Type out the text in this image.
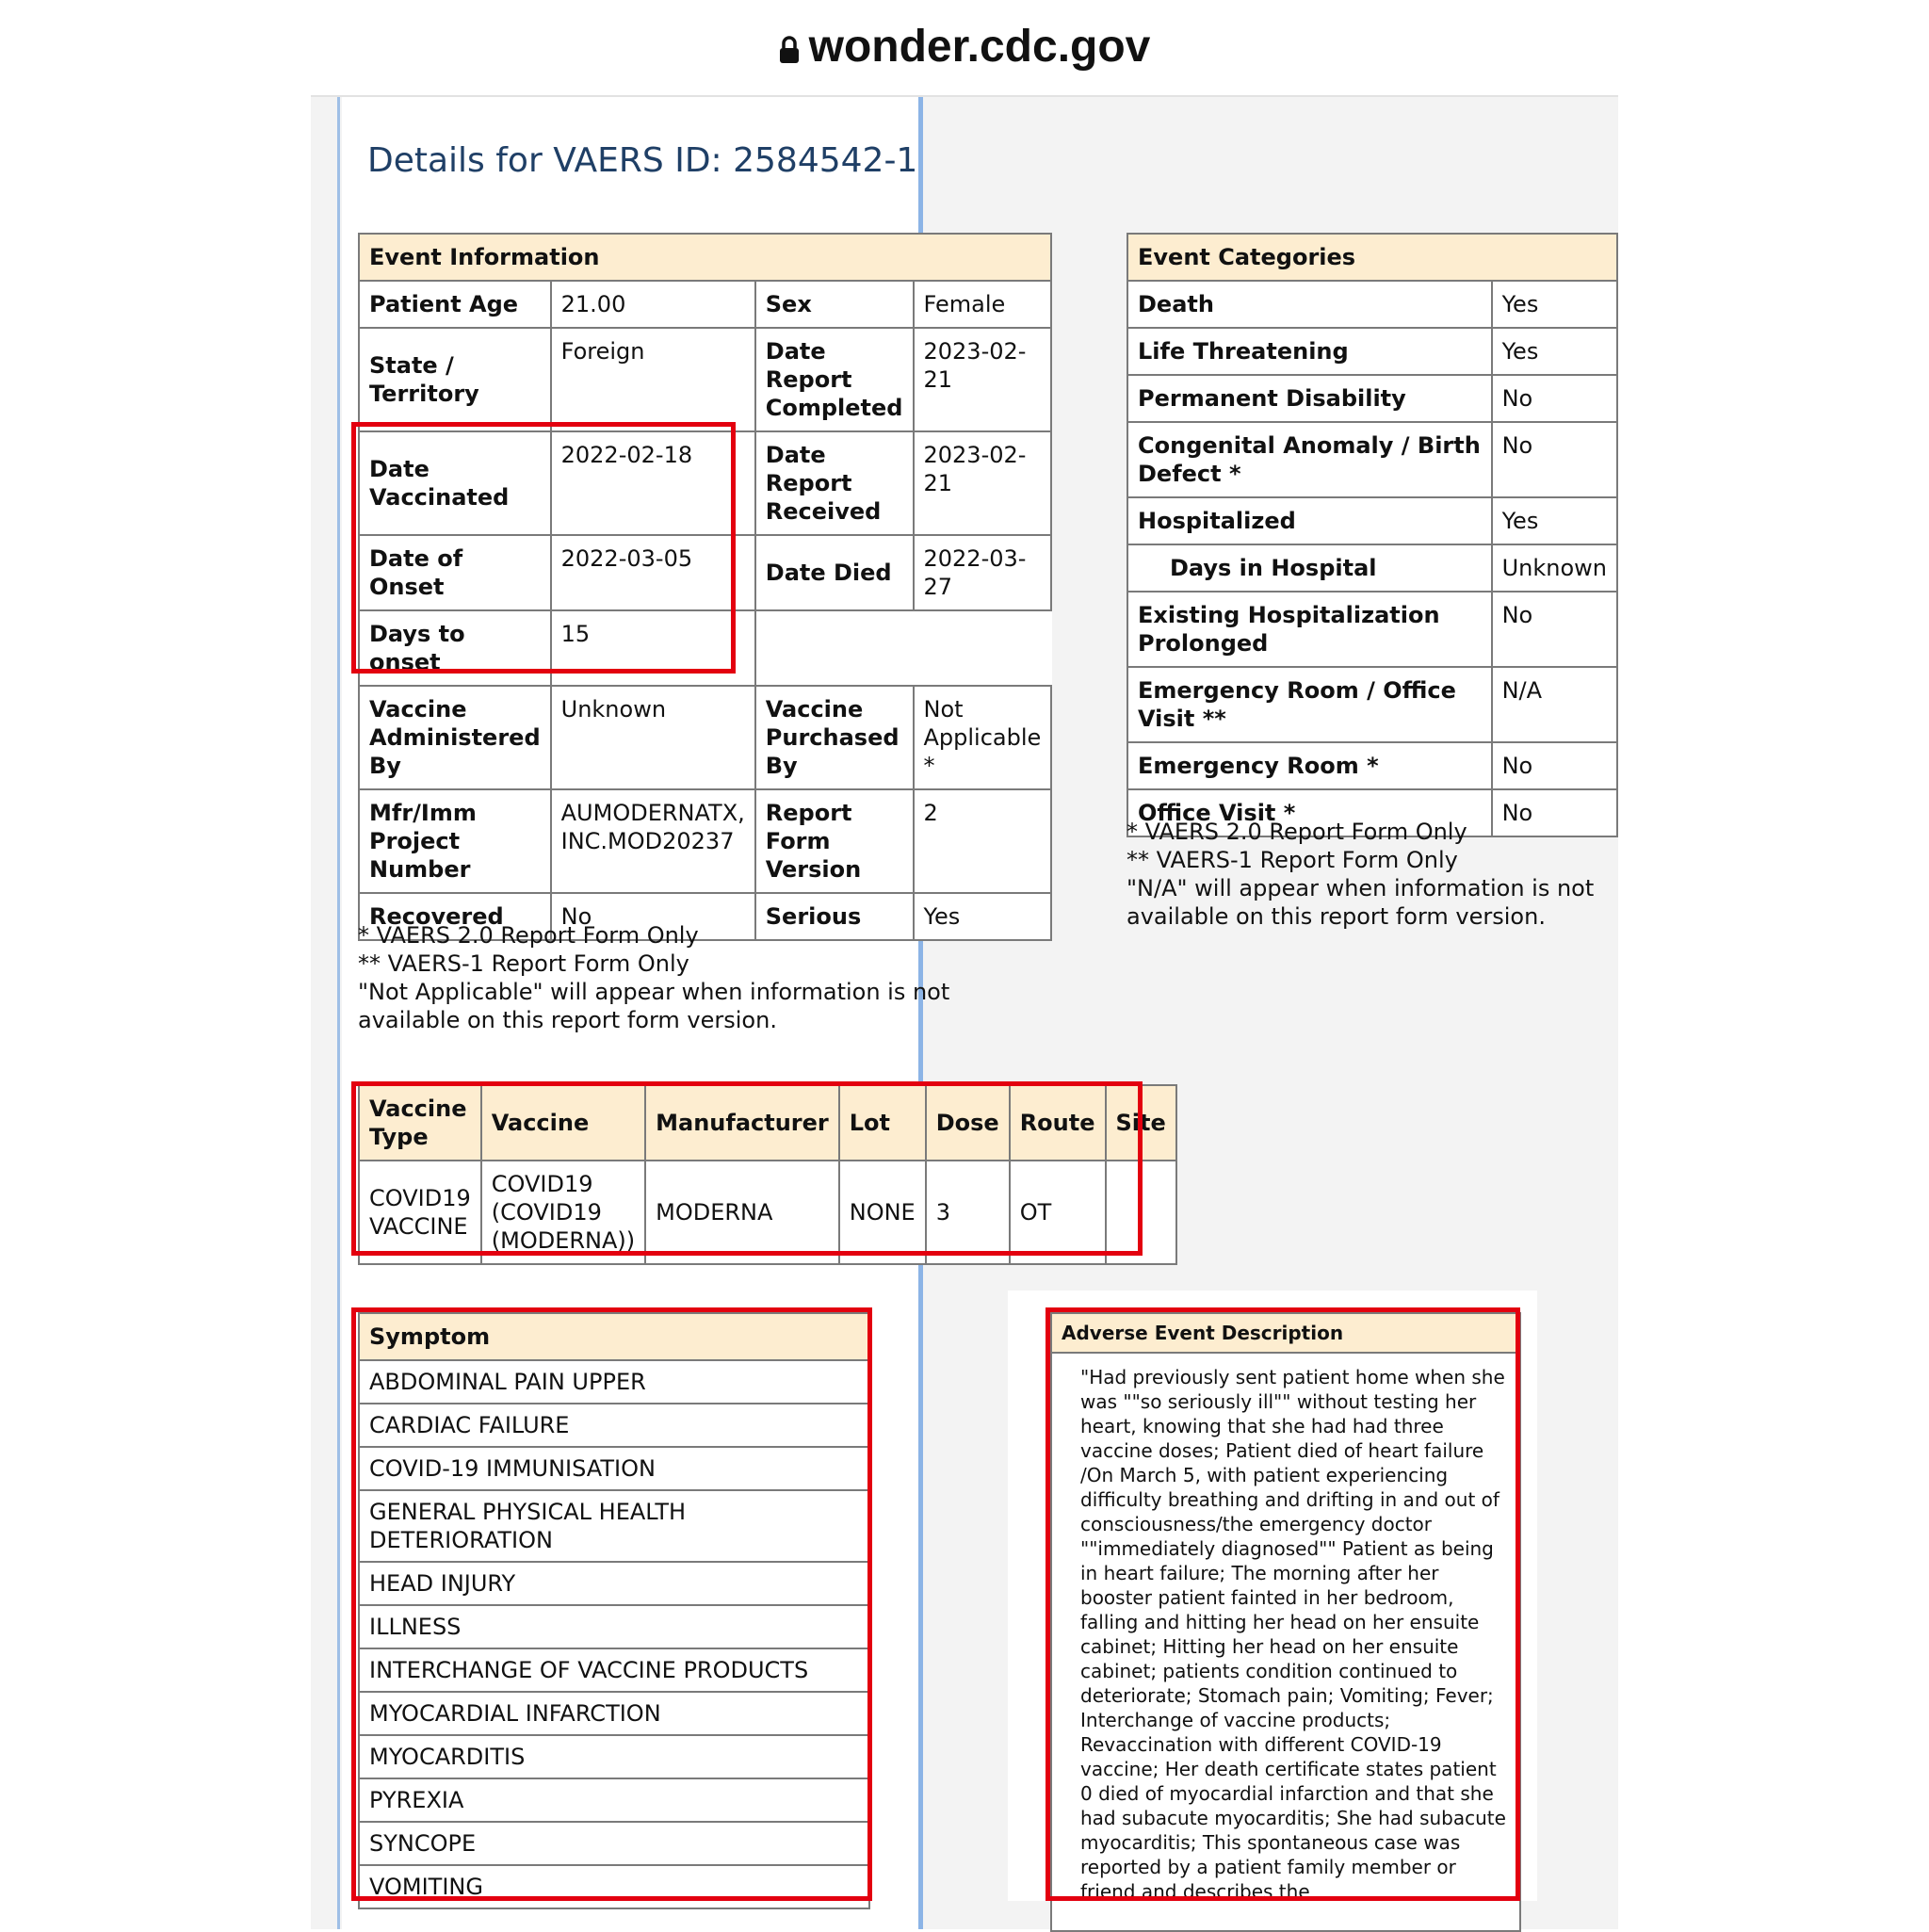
wonder.cdc.gov
Details for VAERS ID: 2584542-1
Event Information			
Patient Age	21.00	Sex	Female
State / Territory	Foreign	Date Report Completed	2023-02-21
Date Vaccinated	2022-02-18	Date Report Received	2023-02-21
Date of Onset	2022-03-05	Date Died	2022-03-27
Days to onset	15		
Vaccine Administered By	Unknown	Vaccine Purchased By	Not Applicable *
Mfr/Imm Project Number	AUMODERNATX, INC.MOD20237	Report Form Version	2
Recovered	No	Serious	Yes
* VAERS 2.0 Report Form Only
** VAERS-1 Report Form Only
"Not Applicable" will appear when information is not available on this report form version.
Event Categories	
Death	Yes
Life Threatening	Yes
Permanent Disability	No
Congenital Anomaly / Birth Defect *	No
Hospitalized	Yes
Days in Hospital	Unknown
Existing Hospitalization Prolonged	No
Emergency Room / Office Visit **	N/A
Emergency Room *	No
Office Visit *	No
* VAERS 2.0 Report Form Only
** VAERS-1 Report Form Only
"N/A" will appear when information is not available on this report form version.
Vaccine Type	Vaccine	Manufacturer	Lot	Dose	Route	Site
COVID19 VACCINE	COVID19 (COVID19 (MODERNA))	MODERNA	NONE	3	OT	
Symptom
ABDOMINAL PAIN UPPER
CARDIAC FAILURE
COVID-19 IMMUNISATION
GENERAL PHYSICAL HEALTH DETERIORATION
HEAD INJURY
ILLNESS
INTERCHANGE OF VACCINE PRODUCTS
MYOCARDIAL INFARCTION
MYOCARDITIS
PYREXIA
SYNCOPE
VOMITING
Adverse Event Description
"Had previously sent patient home when she was ""so seriously ill"" without testing her heart, knowing that she had had three vaccine doses; Patient died of heart failure /On March 5, with patient experiencing difficulty breathing and drifting in and out of consciousness/the emergency doctor ""immediately diagnosed"" Patient as being in heart failure; The morning after her booster patient fainted in her bedroom, falling and hitting her head on her ensuite cabinet; Hitting her head on her ensuite cabinet; patients condition continued to deteriorate; Stomach pain; Vomiting; Fever; Interchange of vaccine products; Revaccination with different COVID-19 vaccine; Her death certificate states patient 0 died of myocardial infarction and that she had subacute myocarditis; She had subacute myocarditis; This spontaneous case was reported by a patient family member or friend and describes the
